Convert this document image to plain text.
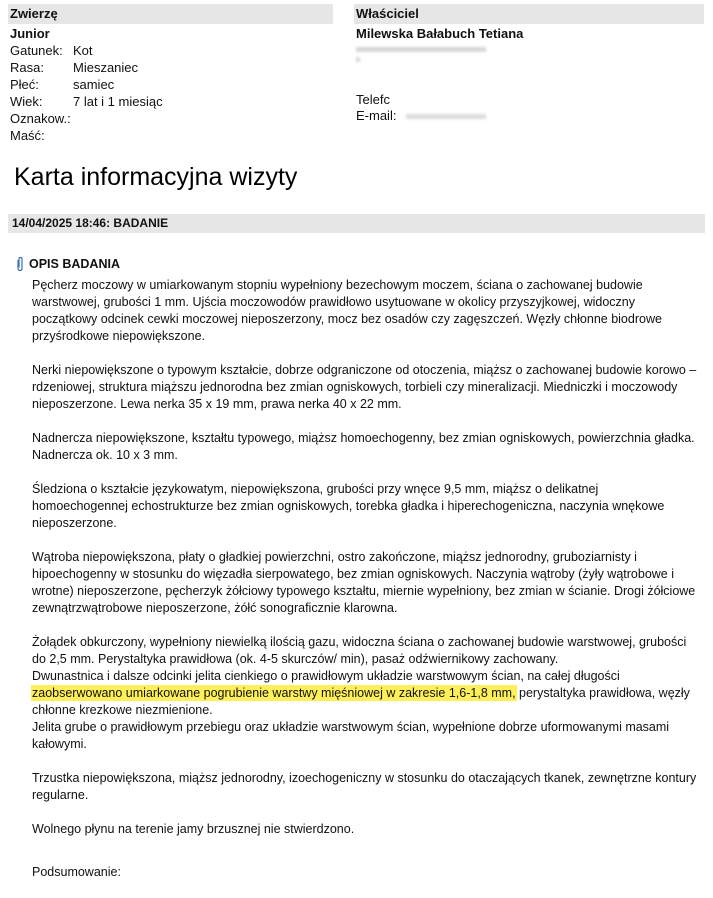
Zwierzę
Junior
Gatunek: Kot
Rasa:	Mieszaniec
Płeć:	samiec
Wiek:	7 lat i 1 miesiąc
Oznakow.:
Maść:
Właściciel
Milewska Bałabuch Tetiana
Telefc
E-mail:
Karta informacyjna wizyty
14/04/2025 18:46: BADANIE
OPIS BADANIA

Pęcherz moczowy w umiarkowanym stopniu wypełniony bezechowym moczem, ściana o zachowanej budowie warstwowej, grubości 1 mm. Ujścia moczowodów prawidłowo usytuowane w okolicy przyszyjkowej, widoczny początkowy odcinek cewki moczowej nieposzerzony, mocz bez osadów czy zagęszczeń. Węzły chłonne biodrowe przyśrodkowe niepowiększone.

Nerki niepowiększone o typowym kształcie, dobrze odgraniczone od otoczenia, miąższ o zachowanej budowie korowo – rdzeniowej, struktura miąższu jednorodna bez zmian ogniskowych, torbieli czy mineralizacji. Miedniczki i moczowody nieposzerzone. Lewa nerka 35 x 19 mm, prawa nerka 40 x 22 mm.

Nadnercza niepowiększone, kształtu typowego, miąższ homoechogenny, bez zmian ogniskowych, powierzchnia gładka. Nadnercza ok. 10 x 3 mm.

Śledziona o kształcie językowatym, niepowiększona, grubości przy wnęce 9,5 mm, miąższ o delikatnej homoechogennej echostrukturze bez zmian ogniskowych, torebka gładka i hiperechogeniczna, naczynia wnękowe nieposzerzone.

Wątroba niepowiększona, płaty o gładkiej powierzchni, ostro zakończone, miąższ jednorodny, gruboziarnisty i hipoechogenny w stosunku do więzadła sierpowatego, bez zmian ogniskowych. Naczynia wątroby (żyły wątrobowe i wrotne) nieposzerzone, pęcherzyk żółciowy typowego kształtu, miernie wypełniony, bez zmian w ścianie. Drogi żółciowe zewnątrzwątrobowe nieposzerzone, żółć sonograficznie klarowna.

Żołądek obkurczony, wypełniony niewielką ilością gazu, widoczna ściana o zachowanej budowie warstwowej, grubości do 2,5 mm. Perystaltyka prawidłowa (ok. 4-5 skurczów/ min), pasaż odźwiernikowy zachowany.
Dwunastnica i dalsze odcinki jelita cienkiego o prawidłowym układzie warstwowym ścian, na całej długości
zaobserwowano umiarkowane pogrubienie warstwy mięśniowej w zakresie 1,6-1,8 mm, perystaltyka prawidłowa, węzły chłonne krezkowe niezmienione.
Jelita grube o prawidłowym przebiegu oraz układzie warstwowym ścian, wypełnione dobrze uformowanymi masami kałowymi.

Trzustka niepowiększona, miąższ jednorodny, izoechogeniczny w stosunku do otaczających tkanek, zewnętrzne kontury regularne.

Wolnego płynu na terenie jamy brzusznej nie stwierdzono.

Podsumowanie:
